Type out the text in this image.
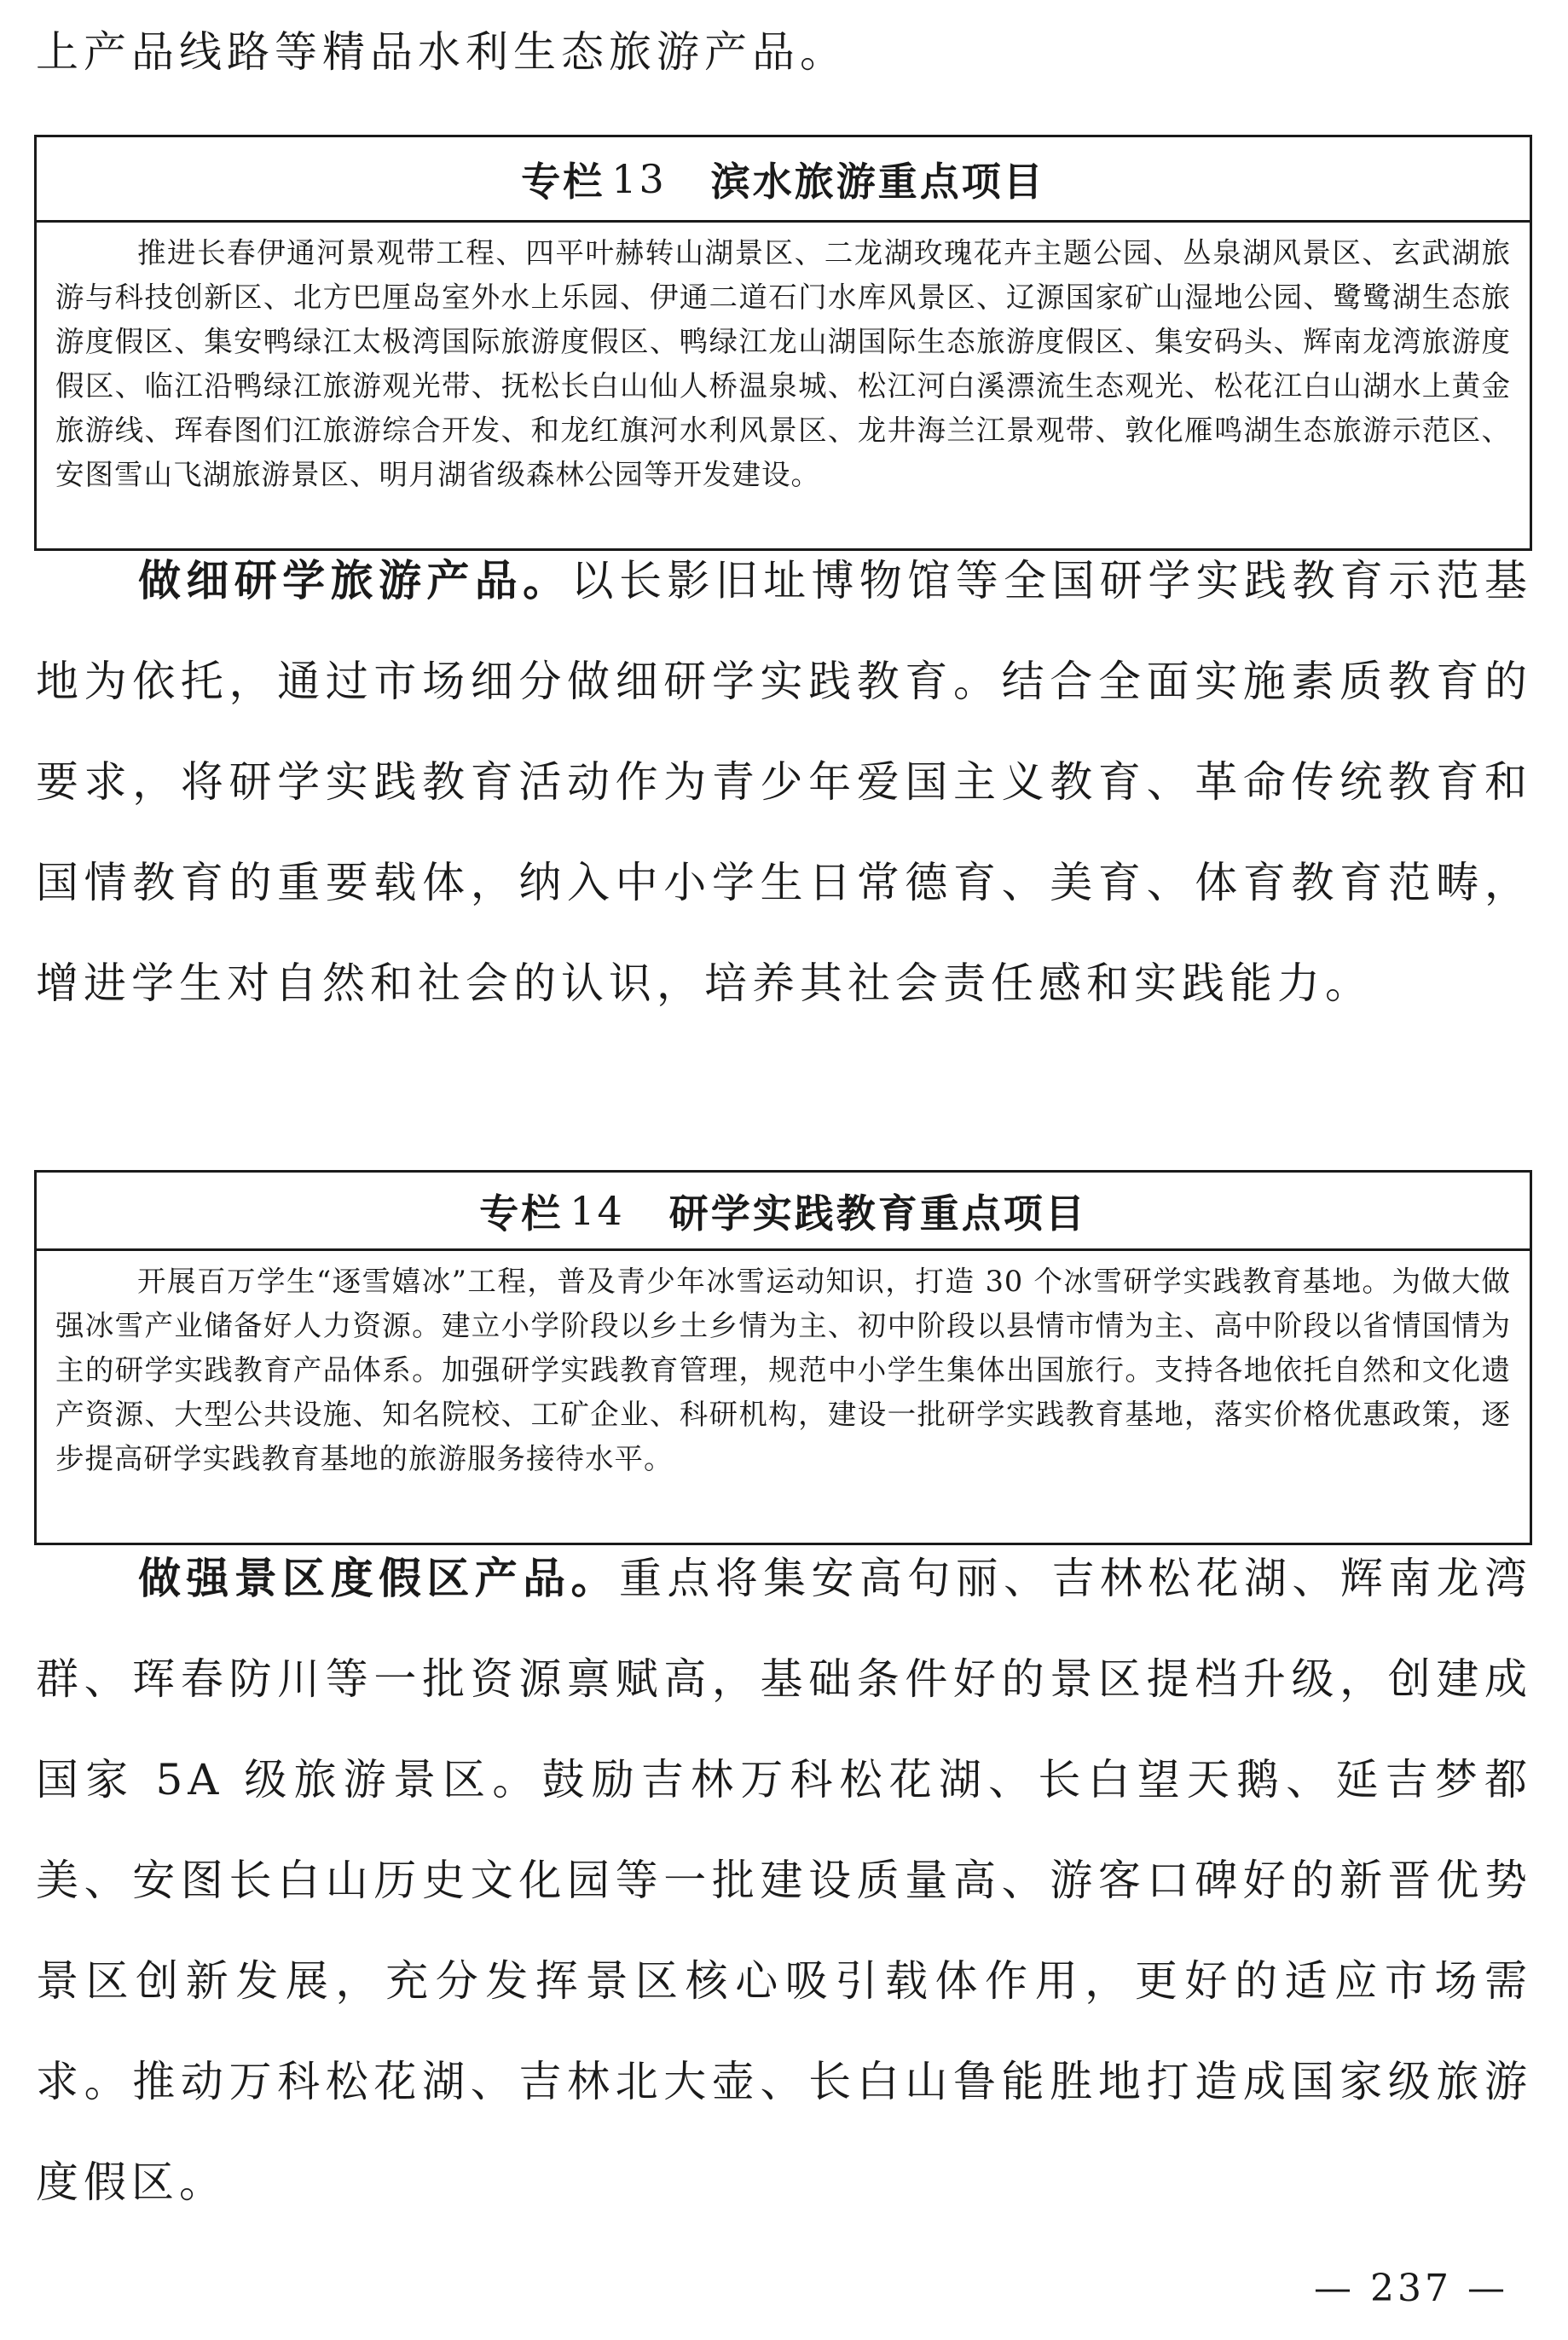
上产品线路等精品水利生态旅游产品。

专栏 13 滨水旅游重点项目

推进长春伊通河景观带工程、四平叶赫转山湖景区、二龙湖玫瑰花卉主题公园、丛泉湖风景区、玄武湖旅游与科技创新区、北方巴厘岛室外水上乐园、伊通二道石门水库风景区、辽源国家矿山湿地公园、鹭鹭湖生态旅游度假区、集安鸭绿江太极湾国际旅游度假区、鸭绿江龙山湖国际生态旅游度假区、集安码头、辉南龙湾旅游度假区、临江沿鸭绿江旅游观光带、抚松长白山仙人桥温泉城、松江河白溪漂流生态观光、松花江白山湖水上黄金旅游线、珲春图们江旅游综合开发、和龙红旗河水利风景区、龙井海兰江景观带、敦化雁鸣湖生态旅游示范区、安图雪山飞湖旅游景区、明月湖省级森林公园等开发建设。

做细研学旅游产品。以长影旧址博物馆等全国研学实践教育示范基地为依托，通过市场细分做细研学实践教育。结合全面实施素质教育的要求，将研学实践教育活动作为青少年爱国主义教育、革命传统教育和国情教育的重要载体，纳入中小学生日常德育、美育、体育教育范畴，增进学生对自然和社会的认识，培养其社会责任感和实践能力。

专栏 14 研学实践教育重点项目

开展百万学生“逐雪嬉冰”工程，普及青少年冰雪运动知识，打造 30 个冰雪研学实践教育基地。为做大做强冰雪产业储备好人力资源。建立小学阶段以乡土乡情为主、初中阶段以县情市情为主、高中阶段以省情国情为主的研学实践教育产品体系。加强研学实践教育管理，规范中小学生集体出国旅行。支持各地依托自然和文化遗产资源、大型公共设施、知名院校、工矿企业、科研机构，建设一批研学实践教育基地，落实价格优惠政策，逐步提高研学实践教育基地的旅游服务接待水平。

做强景区度假区产品。重点将集安高句丽、吉林松花湖、辉南龙湾群、珲春防川等一批资源禀赋高，基础条件好的景区提档升级，创建成国家 5A 级旅游景区。鼓励吉林万科松花湖、长白望天鹅、延吉梦都美、安图长白山历史文化园等一批建设质量高、游客口碑好的新晋优势景区创新发展，充分发挥景区核心吸引载体作用，更好的适应市场需求。推动万科松花湖、吉林北大壶、长白山鲁能胜地打造成国家级旅游度假区。

— 237 —
